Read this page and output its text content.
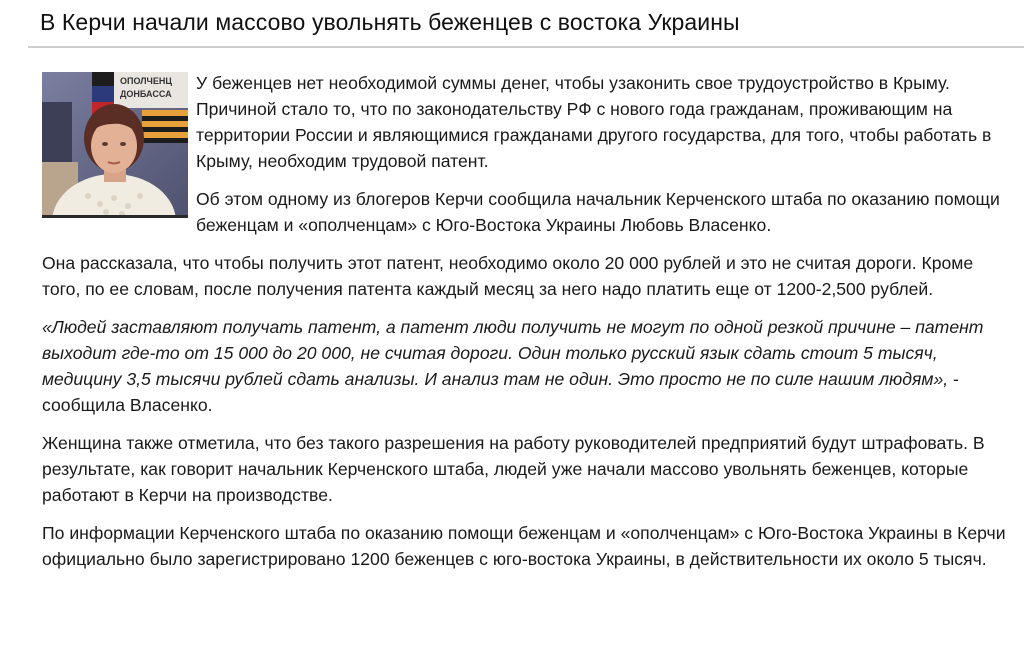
В Керчи начали массово увольнять беженцев с востока Украины
ОПОЛЧЕНЦ
ДОНБАССА

У беженцев нет необходимой суммы денег, чтобы узаконить свое трудоустройство в Крыму. Причиной стало то, что по законодательству РФ с нового года гражданам, проживающим на территории России и являющимися гражданами другого государства, для того, чтобы работать в Крыму, необходим трудовой патент.

Об этом одному из блогеров Керчи сообщила начальник Керченского штаба по оказанию помощи беженцам и «ополченцам» с Юго-Востока Украины Любовь Власенко.

Она рассказала, что чтобы получить этот патент, необходимо около 20 000 рублей и это не считая дороги. Кроме того, по ее словам, после получения патента каждый месяц за него надо платить еще от 1200-2,500 рублей.

«Людей заставляют получать патент, а патент люди получить не могут по одной резкой причине – патент выходит где-то от 15 000 до 20 000, не считая дороги. Один только русский язык сдать стоит 5 тысяч, медицину 3,5 тысячи рублей сдать анализы. И анализ там не один. Это просто не по силе нашим людям», - сообщила Власенко.

Женщина также отметила, что без такого разрешения на работу руководителей предприятий будут штрафовать. В результате, как говорит начальник Керченского штаба, людей уже начали массово увольнять беженцев, которые работают в Керчи на производстве.

По информации Керченского штаба по оказанию помощи беженцам и «ополченцам» с Юго-Востока Украины в Керчи официально было зарегистрировано 1200 беженцев с юго-востока Украины, в действительности их около 5 тысяч.
